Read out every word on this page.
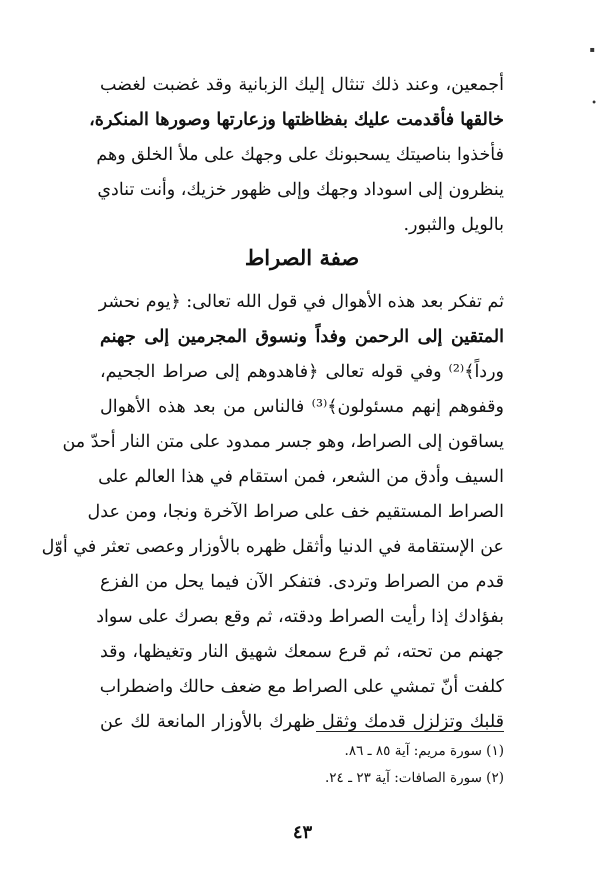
▪
•
أجمعين، وعند ذلك تنثال إليك الزبانية وقد غضبت لغضب
خالقها فأقدمت عليك بفظاظتها وزعارتها وصورها المنكرة،
فأخذوا بناصيتك يسحبونك على وجهك على ملأ الخلق وهم
ينظرون إلى اسوداد وجهك وإلى ظهور خزيك، وأنت تنادي
بالويل والثبور.
صفة الصراط
ثم تفكر بعد هذه الأهوال في قول الله تعالى: ﴿يوم نحشر
المتقين إلى الرحمن وفداً ونسوق المجرمين إلى جهنم
ورداً﴾⁽²⁾ وفي قوله تعالى ﴿فاهدوهم إلى صراط الجحيم،
وقفوهم إنهم مسئولون﴾⁽³⁾ فالناس من بعد هذه الأهوال
يساقون إلى الصراط، وهو جسر ممدود على متن النار أحدّ من
السيف وأدق من الشعر، فمن استقام في هذا العالم على
الصراط المستقيم خف على صراط الآخرة ونجا، ومن عدل
عن الإستقامة في الدنيا وأثقل ظهره بالأوزار وعصى تعثر في أوّل
قدم من الصراط وتردى. فتفكر الآن فيما يحل من الفزع
بفؤادك إذا رأيت الصراط ودقته، ثم وقع بصرك على سواد
جهنم من تحته، ثم قرع سمعك شهيق النار وتغيظها، وقد
كلفت أنّ تمشي على الصراط مع ضعف حالك واضطراب
قلبك وتزلزل قدمك وثقل ظهرك بالأوزار المانعة لك عن
(١) سورة مريم: آية ٨٥ ـ ٨٦.
(٢) سورة الصافات: آية ٢٣ ـ ٢٤.
٤٣
